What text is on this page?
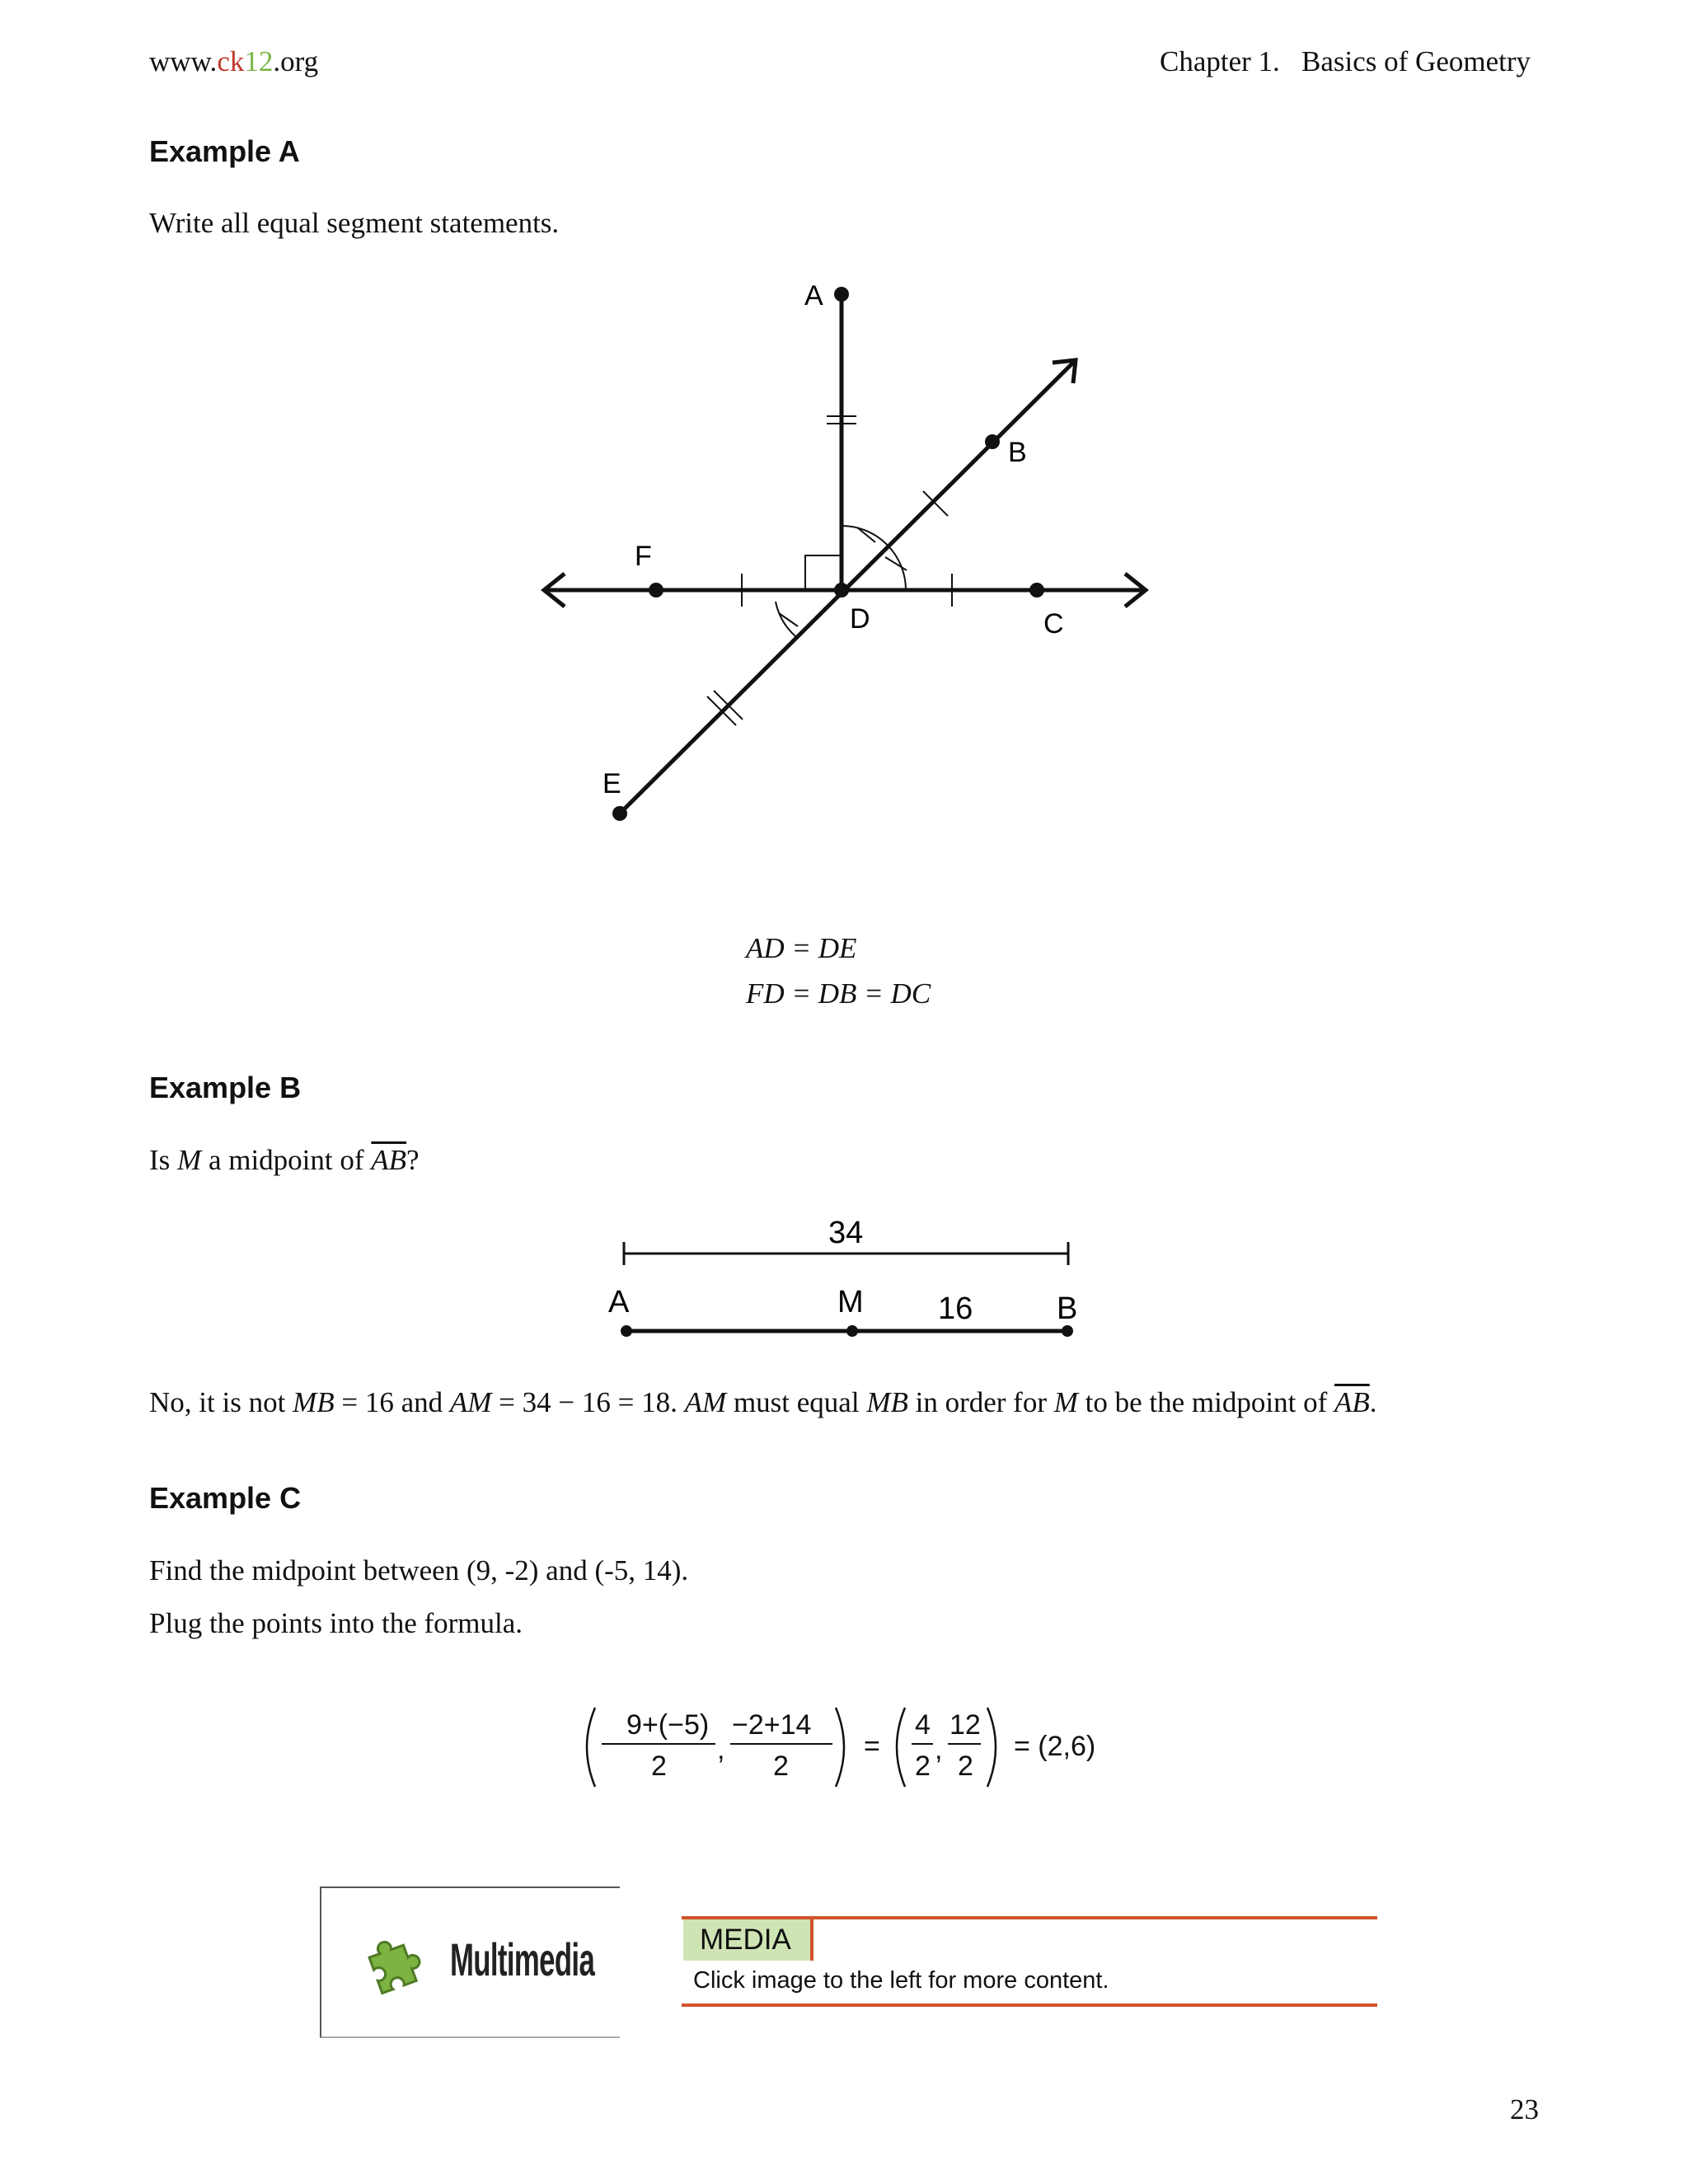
www.ck12.org	Chapter 1.   Basics of Geometry
Example A
Write all equal segment statements.
A
B
C
D
E
F
AD = DE
FD = DB = DC
Example B
Is M a midpoint of $\overline{AB}$?
34
A	M 16	B
No, it is not MB = 16 and AM = 34 − 16 = 18. AM must equal MB in order for M to be the midpoint of $\overline{AB}$.
Example C
Find the midpoint between (9, -2) and (-5, 14).
Plug the points into the formula.
9+(−5)
2
,
−2+14
2
=
4
2
,
12
2
= (2,6)
Multimedia	MEDIA
Click image to the left for more content.
23
